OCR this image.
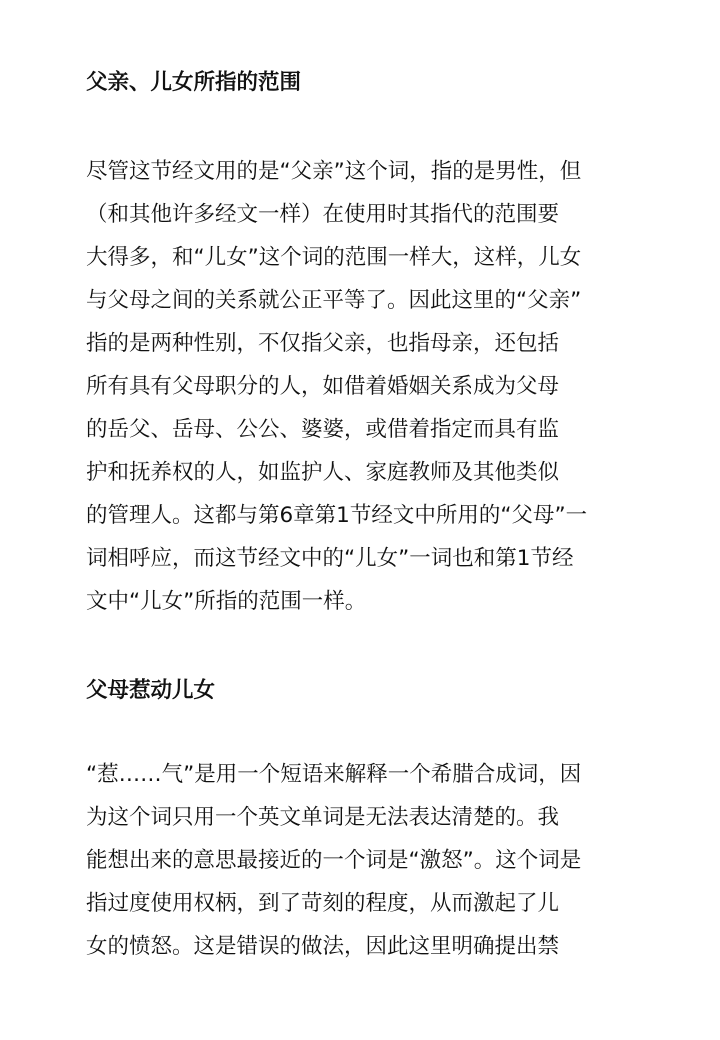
父亲、儿女所指的范围
尽管这节经文用的是“父亲”这个词，指的是男性，但
（和其他许多经文一样）在使用时其指代的范围要
大得多，和“儿女”这个词的范围一样大，这样，儿女
与父母之间的关系就公正平等了。因此这里的“父亲”
指的是两种性别，不仅指父亲，也指母亲，还包括
所有具有父母职分的人，如借着婚姻关系成为父母
的岳父、岳母、公公、婆婆，或借着指定而具有监
护和抚养权的人，如监护人、家庭教师及其他类似
的管理人。这都与第6章第1节经文中所用的“父母”一
词相呼应，而这节经文中的“儿女”一词也和第1节经
文中“儿女”所指的范围一样。
父母惹动儿女
“惹……气”是用一个短语来解释一个希腊合成词，因
为这个词只用一个英文单词是无法表达清楚的。我
能想出来的意思最接近的一个词是“激怒”。这个词是
指过度使用权柄，到了苛刻的程度，从而激起了儿
女的愤怒。这是错误的做法，因此这里明确提出禁
